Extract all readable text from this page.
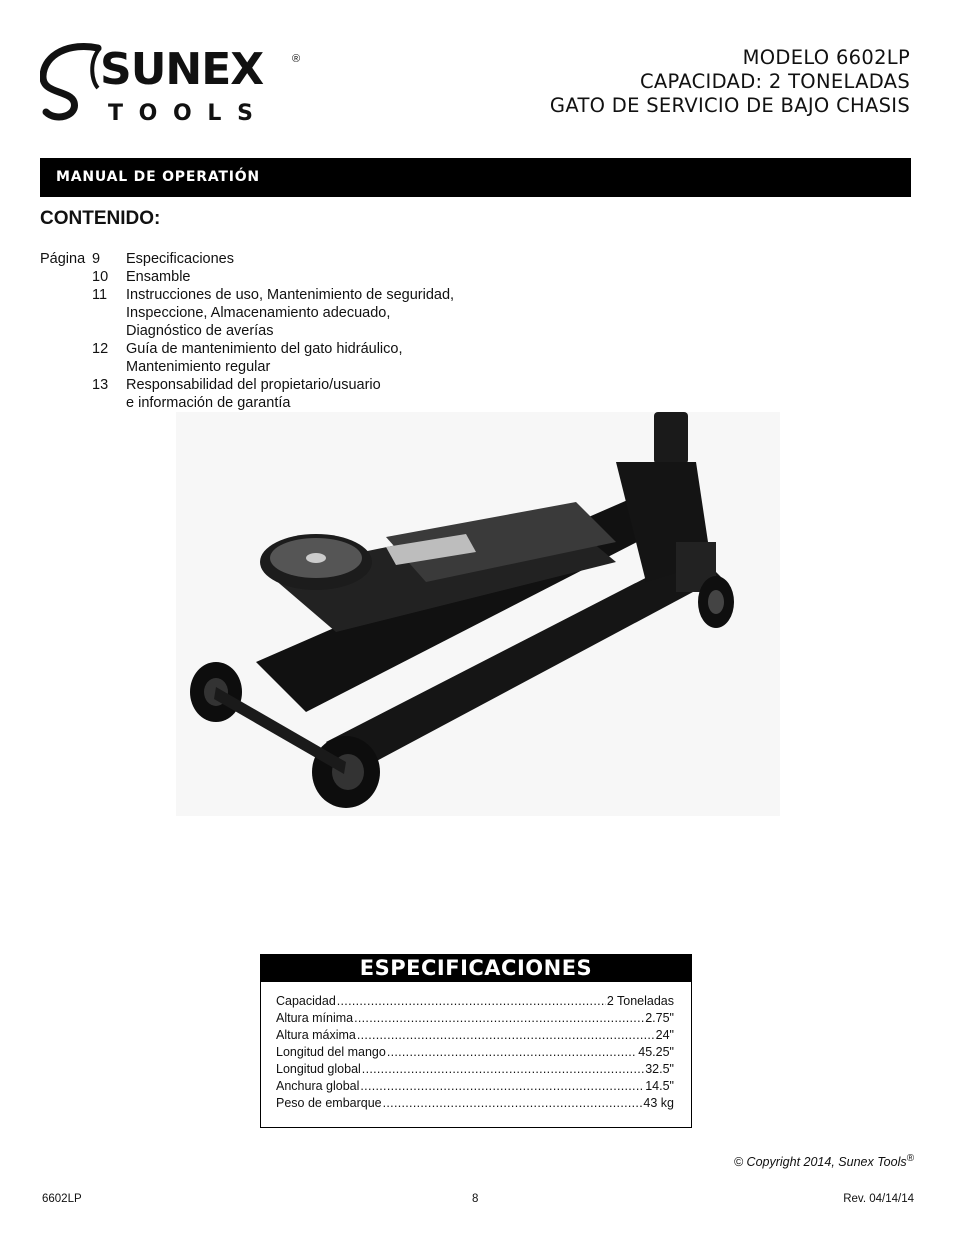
SUNEX	®
T O O L S
MODELO 6602LP
CAPACIDAD: 2 TONELADAS
GATO DE SERVICIO DE BAJO CHASIS
MANUAL DE OPERATIÓN
CONTENIDO:
Página 9	Especificaciones
10	Ensamble
11	Instrucciones de uso, Mantenimiento de seguridad,
Inspeccione, Almacenamiento adecuado,
Diagnóstico de averías
12	Guía de mantenimiento del gato hidráulico,
Mantenimiento regular
13	Responsabilidad del propietario/usuario
e información de garantía
ESPECIFICACIONES
Capacidad .....	2 Toneladas
Altura mínima .....	2.75"
Altura máxima .....	24"
Longitud del mango .....	45.25"
Longitud global .....	32.5"
Anchura global .....	14.5"
Peso de embarque .....	43 kg
© Copyright 2014, Sunex Tools®
6602LP	8	Rev. 04/14/14
